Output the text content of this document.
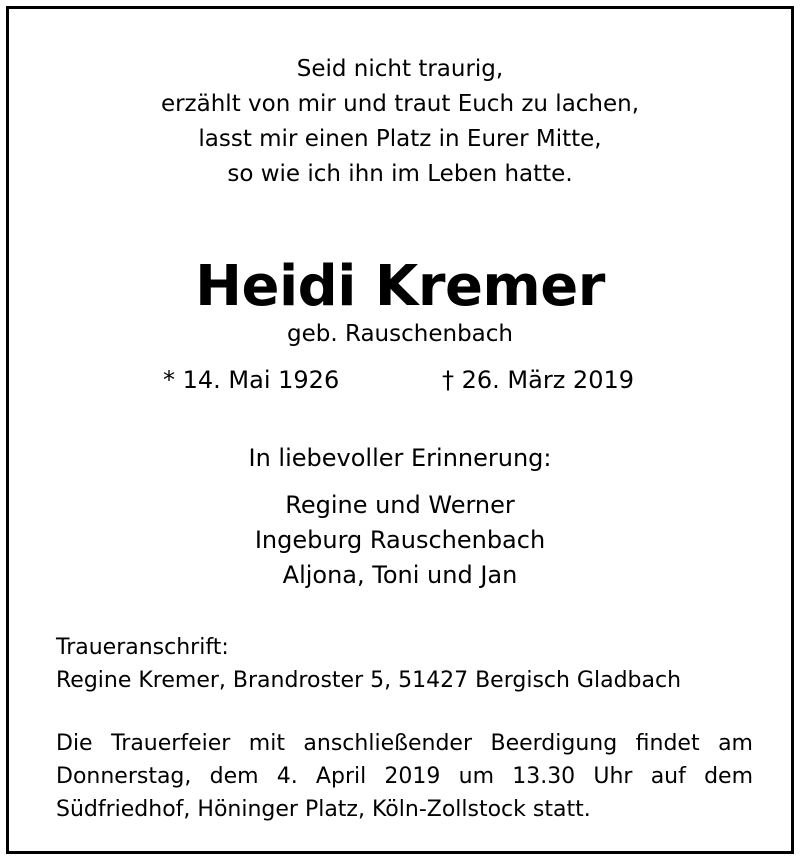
Seid nicht traurig,
erzählt von mir und traut Euch zu lachen,
lasst mir einen Platz in Eurer Mitte,
so wie ich ihn im Leben hatte.
Heidi Kremer
geb. Rauschenbach
* 14. Mai 1926	† 26. März 2019
In liebevoller Erinnerung:
Regine und Werner
Ingeburg Rauschenbach
Aljona, Toni und Jan
Traueranschrift:
Regine Kremer, Brandroster 5, 51427 Bergisch Gladbach
Die Trauerfeier mit anschließender Beerdigung findet am
Donnerstag, dem 4. April 2019 um 13.30 Uhr auf dem
Südfriedhof, Höninger Platz, Köln-Zollstock statt.
